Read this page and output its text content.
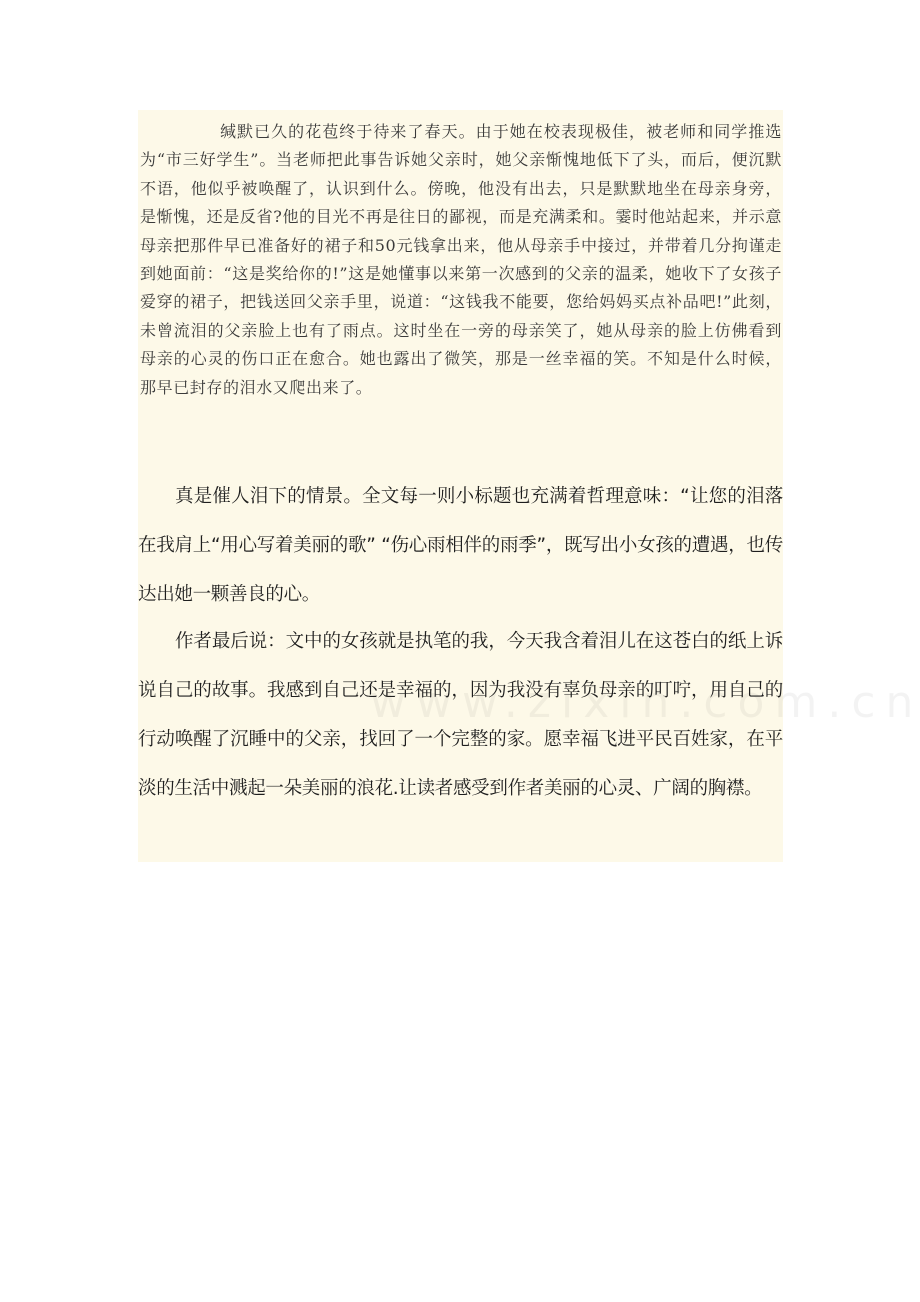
缄默已久的花苞终于待来了春天。由于她在校表现极佳，被老师和同学推选为“市三好学生”。当老师把此事告诉她父亲时，她父亲惭愧地低下了头，而后，便沉默不语，他似乎被唤醒了，认识到什么。傍晚，他没有出去，只是默默地坐在母亲身旁，是惭愧，还是反省?他的目光不再是往日的鄙视，而是充满柔和。霎时他站起来，并示意母亲把那件早已准备好的裙子和50元钱拿出来，他从母亲手中接过，并带着几分拘谨走到她面前：“这是奖给你的!”这是她懂事以来第一次感到的父亲的温柔，她收下了女孩子爱穿的裙子，把钱送回父亲手里，说道：“这钱我不能要，您给妈妈买点补品吧!”此刻，未曾流泪的父亲脸上也有了雨点。这时坐在一旁的母亲笑了，她从母亲的脸上仿佛看到母亲的心灵的伤口正在愈合。她也露出了微笑，那是一丝幸福的笑。不知是什么时候，那早已封存的泪水又爬出来了。

真是催人泪下的情景。全文每一则小标题也充满着哲理意味：“让您的泪落在我肩上“用心写着美丽的歌” “伤心雨相伴的雨季”，既写出小女孩的遭遇，也传达出她一颗善良的心。

作者最后说：文中的女孩就是执笔的我，今天我含着泪儿在这苍白的纸上诉说自己的故事。我感到自己还是幸福的，因为我没有辜负母亲的叮咛，用自己的行动唤醒了沉睡中的父亲，找回了一个完整的家。愿幸福飞进平民百姓家，在平淡的生活中溅起一朵美丽的浪花.让读者感受到作者美丽的心灵、广阔的胸襟。
